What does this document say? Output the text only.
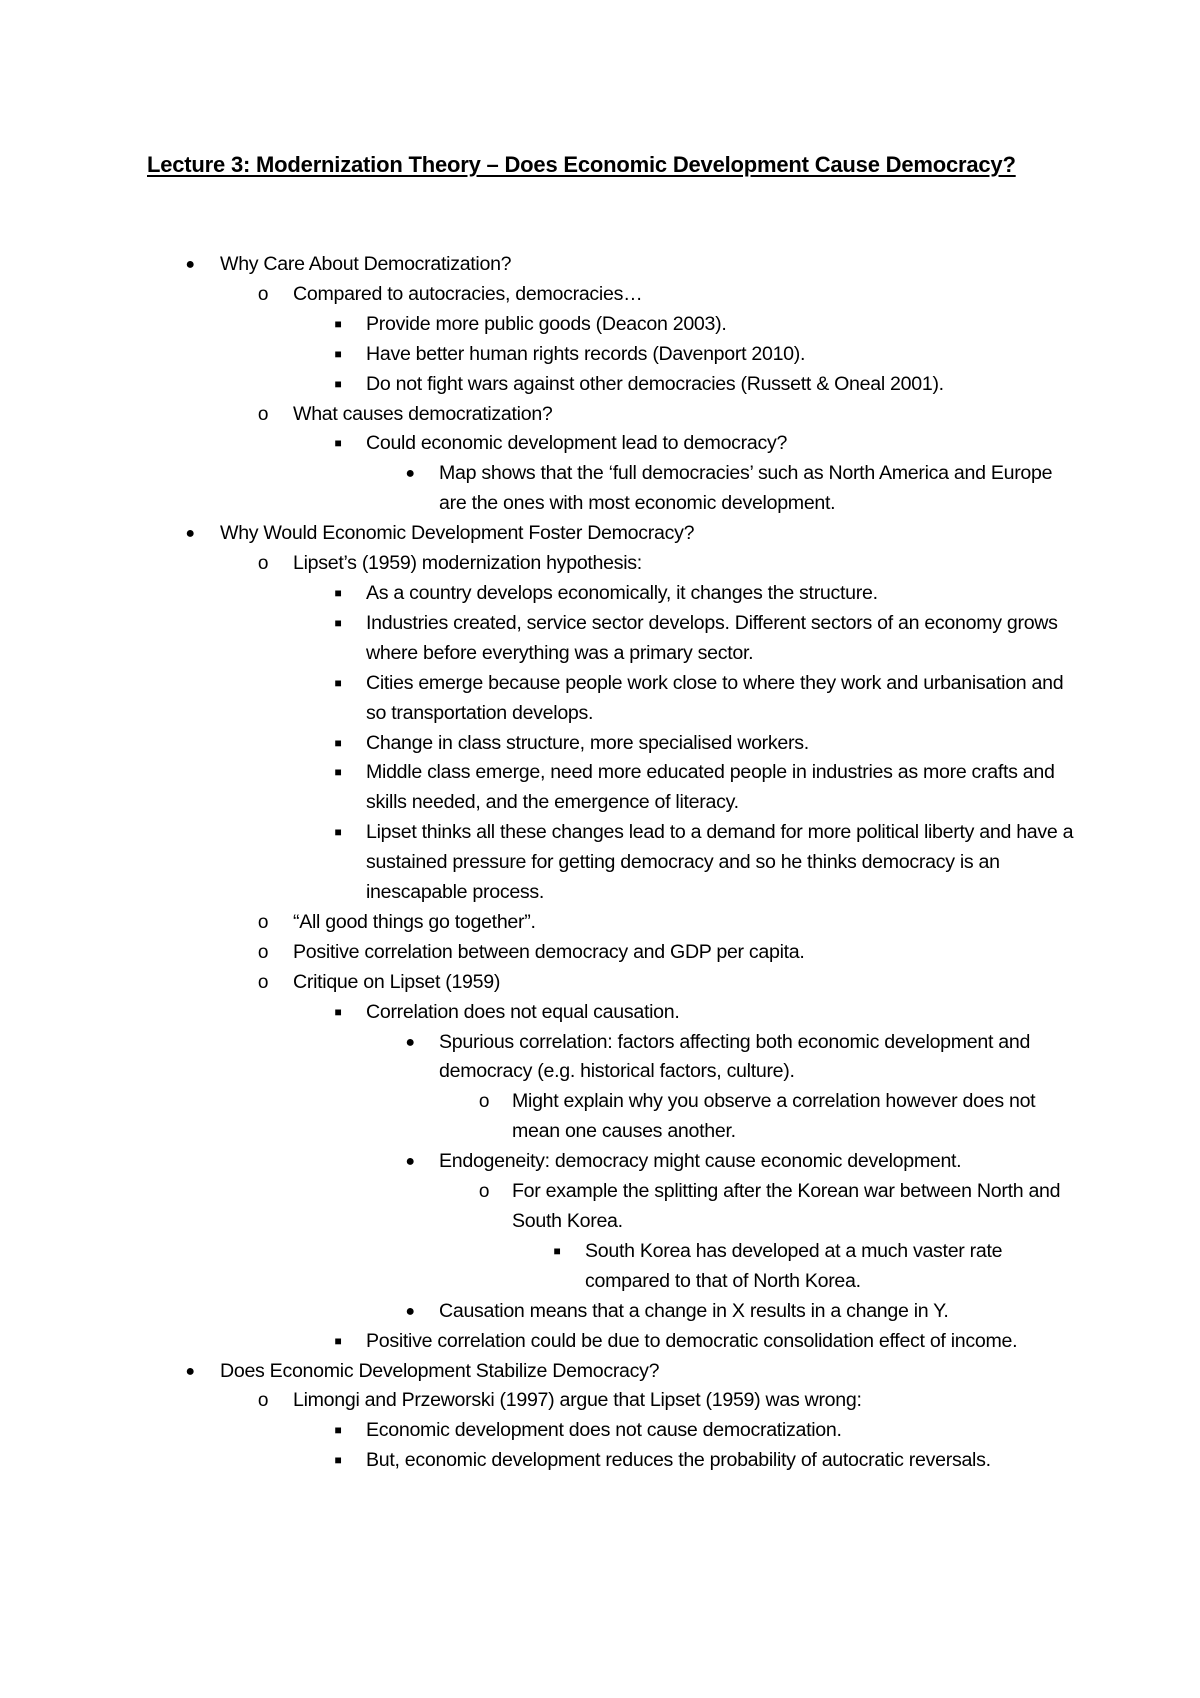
Lecture 3: Modernization Theory – Does Economic Development Cause Democracy?
● Why Care About Democratization?
o Compared to autocracies, democracies…
■	Provide more public goods (Deacon 2003).
■	Have better human rights records (Davenport 2010).
■	Do not fight wars against other democracies (Russett & Oneal 2001).
o What causes democratization?
■	Could economic development lead to democracy?
● Map shows that the ‘full democracies’ such as North America and Europe are the ones with most economic development.
● Why Would Economic Development Foster Democracy?
o Lipset’s (1959) modernization hypothesis:
■	As a country develops economically, it changes the structure.
■	Industries created, service sector develops. Different sectors of an economy grows where before everything was a primary sector.
■	Cities emerge because people work close to where they work and urbanisation and so transportation develops.
■	Change in class structure, more specialised workers.
■	Middle class emerge, need more educated people in industries as more crafts and skills needed, and the emergence of literacy.
■	Lipset thinks all these changes lead to a demand for more political liberty and have a sustained pressure for getting democracy and so he thinks democracy is an inescapable process.
o “All good things go together”.
o Positive correlation between democracy and GDP per capita.
o Critique on Lipset (1959)
■	Correlation does not equal causation.
● Spurious correlation: factors affecting both economic development and democracy (e.g. historical factors, culture).
o Might explain why you observe a correlation however does not mean one causes another.
● Endogeneity: democracy might cause economic development.
o For example the splitting after the Korean war between North and South Korea.
■	South Korea has developed at a much vaster rate compared to that of North Korea.
● Causation means that a change in X results in a change in Y.
■	Positive correlation could be due to democratic consolidation effect of income.
● Does Economic Development Stabilize Democracy?
o Limongi and Przeworski (1997) argue that Lipset (1959) was wrong:
■	Economic development does not cause democratization.
■	But, economic development reduces the probability of autocratic reversals.
